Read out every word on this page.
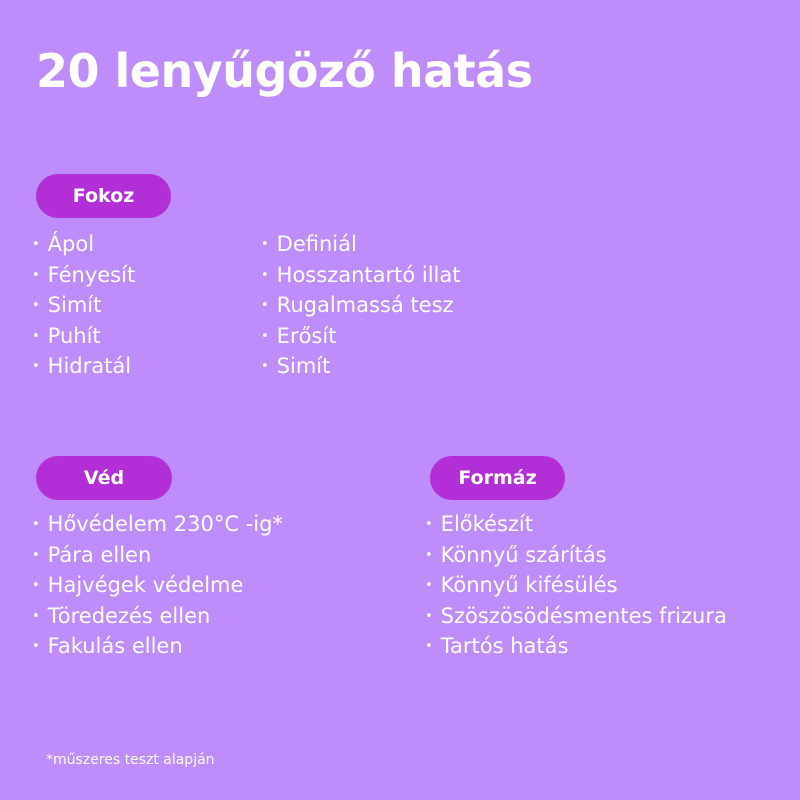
20 lenyűgöző hatás
Fokoz
• Ápol
• Fényesít
• Simít
• Puhít
• Hidratál
• Definiál
• Hosszantartó illat
• Rugalmassá tesz
• Erősít
• Simít
Véd
• Hővédelem 230°C -ig*
• Pára ellen
• Hajvégek védelme
• Töredezés ellen
• Fakulás ellen
Formáz
• Előkészít
• Könnyű szárítás
• Könnyű kifésülés
• Szöszösödésmentes frizura
• Tartós hatás
*műszeres teszt alapján
